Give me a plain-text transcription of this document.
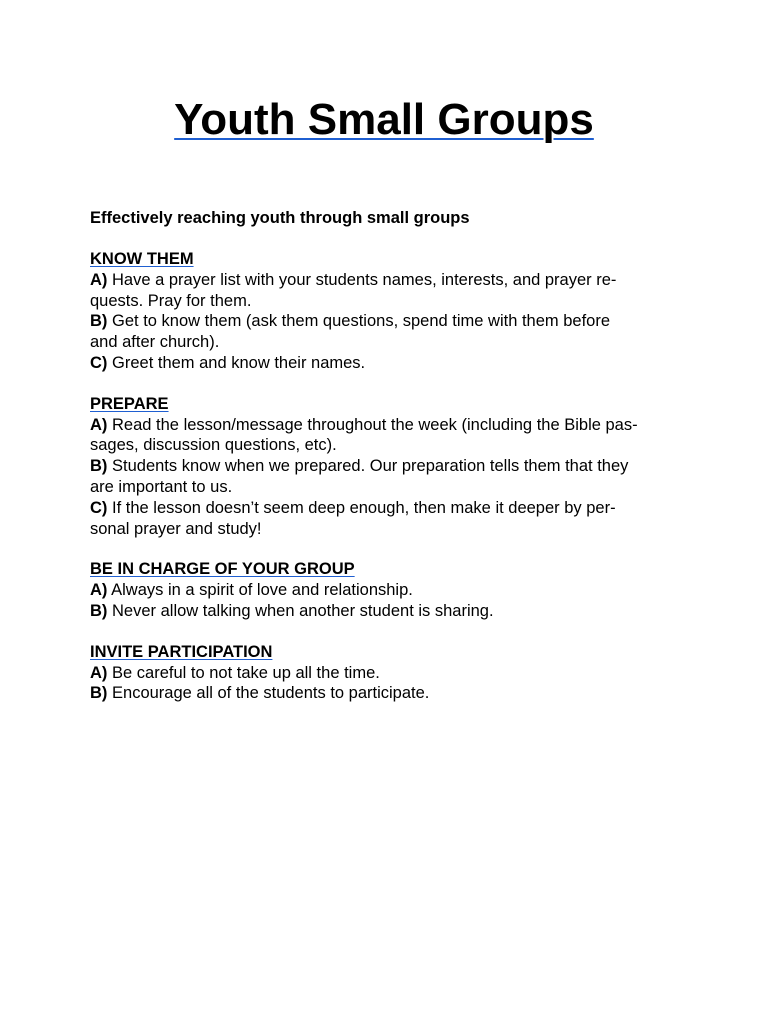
Youth Small Groups
Effectively reaching youth through small groups
KNOW THEM

A) Have a prayer list with your students names, interests, and prayer re-
quests. Pray for them.

B) Get to know them (ask them questions, spend time with them before
and after church).

C) Greet them and know their names.

PREPARE

A) Read the lesson/message throughout the week (including the Bible pas-
sages, discussion questions, etc).

B) Students know when we prepared. Our preparation tells them that they
are important to us.

C) If the lesson doesn’t seem deep enough, then make it deeper by per-
sonal prayer and study!

BE IN CHARGE OF YOUR GROUP

A) Always in a spirit of love and relationship.

B) Never allow talking when another student is sharing.

INVITE PARTICIPATION

A) Be careful to not take up all the time.

B) Encourage all of the students to participate.
